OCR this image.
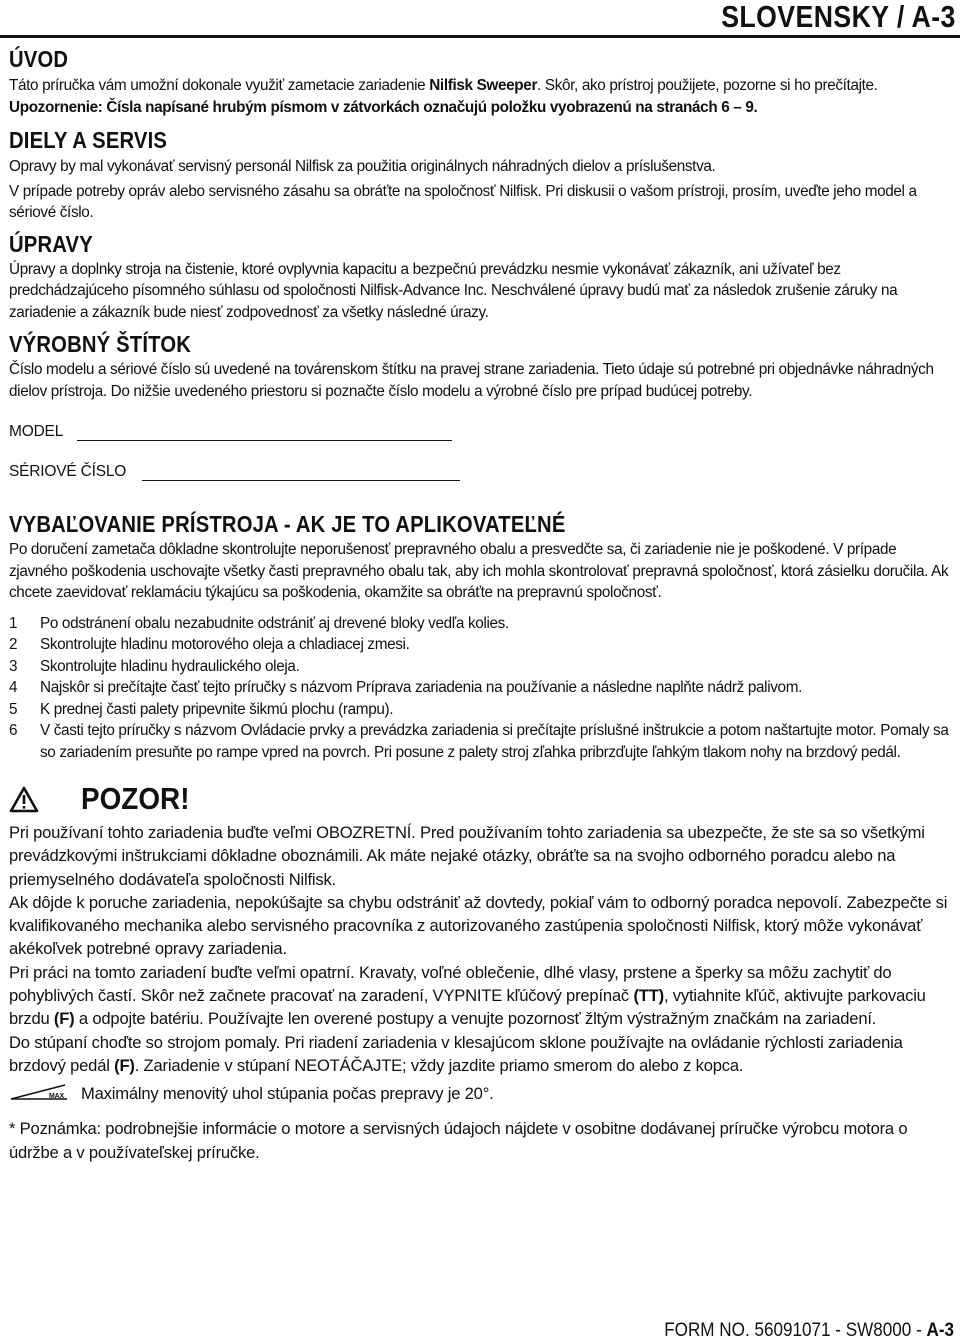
SLOVENSKY / A-3
ÚVOD

Táto príručka vám umožní dokonale využiť zametacie zariadenie Nilfisk Sweeper. Skôr, ako prístroj použijete, pozorne si ho prečítajte.

Upozornenie: Čísla napísané hrubým písmom v zátvorkách označujú položku vyobrazenú na stranách 6 – 9.

DIELY A SERVIS

Opravy by mal vykonávať servisný personál Nilfisk za použitia originálnych náhradných dielov a príslušenstva.

V prípade potreby opráv alebo servisného zásahu sa obráťte na spoločnosť Nilfisk. Pri diskusii o vašom prístroji, prosím, uveďte jeho model a sériové číslo.

ÚPRAVY

Úpravy a doplnky stroja na čistenie, ktoré ovplyvnia kapacitu a bezpečnú prevádzku nesmie vykonávať zákazník, ani užívateľ bez predchádzajúceho písomného súhlasu od spoločnosti Nilfisk-Advance Inc. Neschválené úpravy budú mať za následok zrušenie záruky na zariadenie a zákazník bude niesť zodpovednosť za všetky následné úrazy.

VÝROBNÝ ŠTÍTOK

Číslo modelu a sériové číslo sú uvedené na továrenskom štítku na pravej strane zariadenia. Tieto údaje sú potrebné pri objednávke náhradných dielov prístroja. Do nižšie uvedeného priestoru si poznačte číslo modelu a výrobné číslo pre prípad budúcej potreby.

MODEL
SÉRIOVÉ ČÍSLO
VYBAĽOVANIE PRÍSTROJA - AK JE TO APLIKOVATEĽNÉ

Po doručení zametača dôkladne skontrolujte neporušenosť prepravného obalu a presvedčte sa, či zariadenie nie je poškodené. V prípade zjavného poškodenia uschovajte všetky časti prepravného obalu tak, aby ich mohla skontrolovať prepravná spoločnosť, ktorá zásielku doručila. Ak chcete zaevidovať reklamáciu týkajúcu sa poškodenia, okamžite sa obráťte na prepravnú spoločnosť.

1	Po odstránení obalu nezabudnite odstrániť aj drevené bloky vedľa kolies.
2	Skontrolujte hladinu motorového oleja a chladiacej zmesi.
3	Skontrolujte hladinu hydraulického oleja.
4	Najskôr si prečítajte časť tejto príručky s názvom Príprava zariadenia na používanie a následne naplňte nádrž palivom.
5	K prednej časti palety pripevnite šikmú plochu (rampu).
6	V časti tejto príručky s názvom Ovládacie prvky a prevádzka zariadenia si prečítajte príslušné inštrukcie a potom naštartujte motor. Pomaly sa so zariadením presuňte po rampe vpred na povrch. Pri posune z palety stroj zľahka pribrzďujte ľahkým tlakom nohy na brzdový pedál.
POZOR!

Pri používaní tohto zariadenia buďte veľmi OBOZRETNÍ. Pred používaním tohto zariadenia sa ubezpečte, že ste sa so všetkými prevádzkovými inštrukciami dôkladne oboznámili. Ak máte nejaké otázky, obráťte sa na svojho odborného poradcu alebo na priemyselného dodávateľa spoločnosti Nilfisk.

Ak dôjde k poruche zariadenia, nepokúšajte sa chybu odstrániť až dovtedy, pokiaľ vám to odborný poradca nepovolí. Zabezpečte si kvalifikovaného mechanika alebo servisného pracovníka z autorizovaného zastúpenia spoločnosti Nilfisk, ktorý môže vykonávať akékoľvek potrebné opravy zariadenia.

Pri práci na tomto zariadení buďte veľmi opatrní. Kravaty, voľné oblečenie, dlhé vlasy, prstene a šperky sa môžu zachytiť do pohyblivých častí. Skôr než začnete pracovať na zaradení, VYPNITE kľúčový prepínač (TT), vytiahnite kľúč, aktivujte parkovaciu brzdu (F) a odpojte batériu. Používajte len overené postupy a venujte pozornosť žltým výstražným značkám na zariadení.

Do stúpaní choďte so strojom pomaly. Pri riadení zariadenia v klesajúcom sklone používajte na ovládanie rýchlosti zariadenia brzdový pedál (F). Zariadenie v stúpaní NEOTÁČAJTE; vždy jazdite priamo smerom do alebo z kopca.

MAX Maximálny menovitý uhol stúpania počas prepravy je 20°.

* Poznámka: podrobnejšie informácie o motore a servisných údajoch nájdete v osobitne dodávanej príručke výrobcu motora o údržbe a v používateľskej príručke.

FORM NO. 56091071 - SW8000 - A-3
